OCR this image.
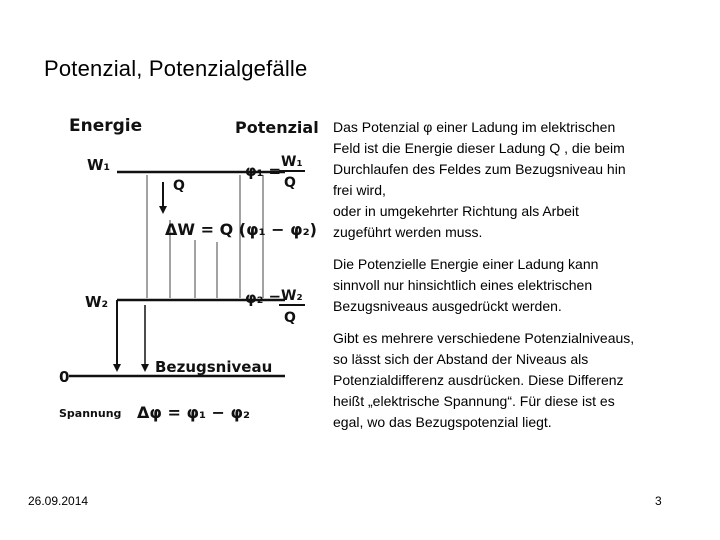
Potenzial, Potenzialgefälle
Energie	Potenzial
W₁	φ₁ = W₁
Q
Q
ΔW = Q (φ₁ − φ₂)
W₂	φ₂ = W₂
Q
0
Bezugsniveau
Spannung Δφ = φ₁ − φ₂

Das Potenzial φ einer Ladung im elektrischen
Feld ist die Energie dieser Ladung Q , die beim
Durchlaufen des Feldes zum Bezugsniveau hin
frei wird,
oder in umgekehrter Richtung als Arbeit
zugeführt werden muss.

Die Potenzielle Energie einer Ladung kann
sinnvoll nur hinsichtlich eines elektrischen
Bezugsniveaus ausgedrückt werden.

Gibt es mehrere verschiedene Potenzialniveaus,
so lässt sich der Abstand der Niveaus als
Potenzialdifferenz ausdrücken. Diese Differenz
heißt „elektrische Spannung“. Für diese ist es
egal, wo das Bezugspotenzial liegt.

26.09.2014	3
